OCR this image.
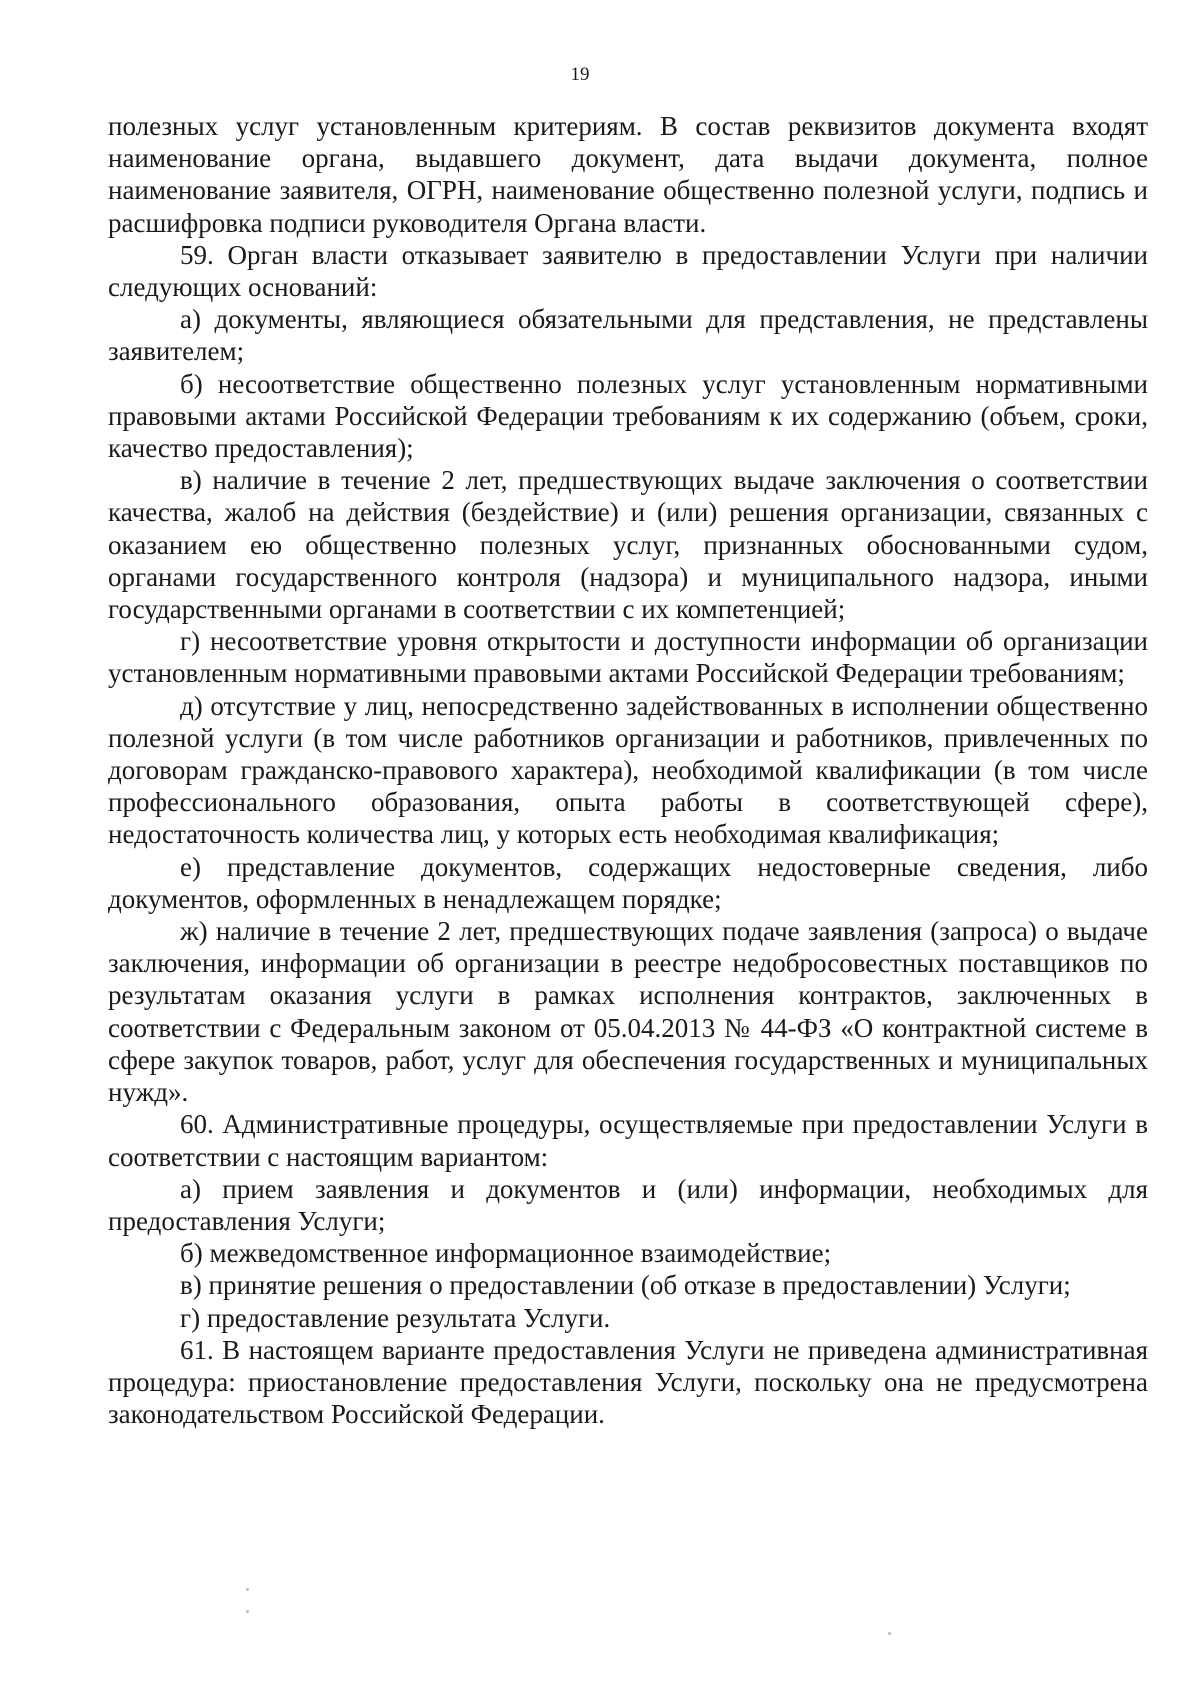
19

полезных услуг установленным критериям. В состав реквизитов документа входят наименование органа, выдавшего документ, дата выдачи документа, полное наименование заявителя, ОГРН, наименование общественно полезной услуги, подпись и расшифровка подписи руководителя Органа власти.

59. Орган власти отказывает заявителю в предоставлении Услуги при наличии следующих оснований:

а) документы, являющиеся обязательными для представления, не представлены заявителем;

б) несоответствие общественно полезных услуг установленным нормативными правовыми актами Российской Федерации требованиям к их содержанию (объем, сроки, качество предоставления);

в) наличие в течение 2 лет, предшествующих выдаче заключения о соответствии качества, жалоб на действия (бездействие) и (или) решения организации, связанных с оказанием ею общественно полезных услуг, признанных обоснованными судом, органами государственного контроля (надзора) и муниципального надзора, иными государственными органами в соответствии с их компетенцией;

г) несоответствие уровня открытости и доступности информации об организации установленным нормативными правовыми актами Российской Федерации требованиям;

д) отсутствие у лиц, непосредственно задействованных в исполнении общественно полезной услуги (в том числе работников организации и работников, привлеченных по договорам гражданско-правового характера), необходимой квалификации (в том числе профессионального образования, опыта работы в соответствующей сфере), недостаточность количества лиц, у которых есть необходимая квалификация;

е) представление документов, содержащих недостоверные сведения, либо документов, оформленных в ненадлежащем порядке;

ж) наличие в течение 2 лет, предшествующих подаче заявления (запроса) о выдаче заключения, информации об организации в реестре недобросовестных поставщиков по результатам оказания услуги в рамках исполнения контрактов, заключенных в соответствии с Федеральным законом от 05.04.2013 № 44-ФЗ «О контрактной системе в сфере закупок товаров, работ, услуг для обеспечения государственных и муниципальных нужд».

60. Административные процедуры, осуществляемые при предоставлении Услуги в соответствии с настоящим вариантом:

а) прием заявления и документов и (или) информации, необходимых для предоставления Услуги;

б) межведомственное информационное взаимодействие;

в) принятие решения о предоставлении (об отказе в предоставлении) Услуги;

г) предоставление результата Услуги.

61. В настоящем варианте предоставления Услуги не приведена административная процедура: приостановление предоставления Услуги, поскольку она не предусмотрена законодательством Российской Федерации.
